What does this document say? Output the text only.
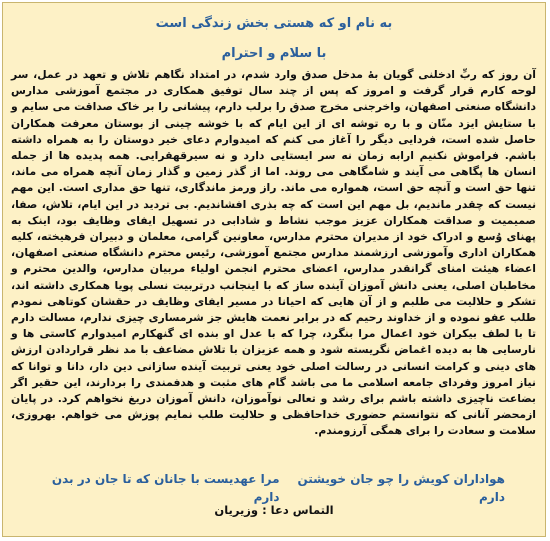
به نام او که هستی بخش زندگی است
با سلام و احترام
آن روز که ربِّ ادخلنی گویان بهٔ مدخل صدق وارد شدم، در امتداد نگاهم تلاش و تعهد در عمل، سر لوحه کارم قرار گرفت و امروز که پس از چند سال توفیق همکاری در مجتمع آموزشی مدارس دانشگاه صنعتی اصفهان، واخرجنی مخرج صدق را برلب دارم، پیشانی را بر خاک صداقت می سایم و با ستایش ایزد منّان و با ره توشه ای از این ایام که با خوشه چینی از بوستان معرفت همکاران حاصل شده است، فردایی دیگر را آغاز می کنم که امیدوارم دعای خیر دوستان را به همراه داشته باشم. فراموش نکنیم ارابه زمان نه سر ایستایی دارد و نه سیرقهقرایی. همه پدیده ها از جمله انسان ها پگاهی می آیند و شامگاهی می روند. اما از گذر زمین و گذار زمان آنچه همراه می ماند، تنها حق است و آنچه حق است، همواره می ماند. راز ورمز ماندگاری، تنها حق مداری است. این مهم نیست که چقدر ماندیم، بل مهم این است که چه بذری افشاندیم. بی تردید در این ایام، تلاش، صفا، صمیمیت و صداقت همکاران عزیز موجب نشاط و شادابی در تسهیل ایفای وظایف بود، اینک به پهنای وُسع و ادراک خود از مدیران محترم مدارس، معاونین گرامی، معلمان و دبیران فرهیخته، کلیه همکاران اداری وآموزشی ارزشمند مدارس مجتمع آموزشی، رئیس محترم دانشگاه صنعتی اصفهان، اعضاء هیئت امنای گرانقدر مدارس، اعضای محترم انجمن اولیاء مربیان مدارس، والدین محترم و مخاطبان اصلی، یعنی دانش آموزان آینده ساز که با اینجانب درتربیت نسلی پویا همکاری داشته اند، تشکر و حلالیت می طلبم و از آن هایی که احیانا در مسیر ایفای وظایف در حقشان کوتاهی نمودم طلب عفو نموده و از خداوند رحیم که در برابر نعمت هایش جز شرمساری چیزی ندارم، مسالت دارم تا با لطف بیکران خود اعمال مرا بنگرد، چرا که با عدل او بنده ای گنهکارم امیدوارم کاستی ها و نارسایی ها به دیده اغماض نگریسته شود و همه عزیزان با تلاش مضاعف با مد نظر قراردادن ارزش های دینی و کرامت انسانی در رسالت اصلی خود یعنی تربیت آینده سازانی دین دار، دانا و توانا که نیاز امروز وفردای جامعه اسلامی ما می باشد گام های مثبت و هدفمندی را بردارند، این حقیر اگر بضاعت ناچیزی داشته باشم برای رشد و تعالی نوآموزان، دانش آموزان دریغ نخواهم کرد. در پایان ازمحضر آنانی که نتوانستم حضوری خداحافظی و حلالیت طلب نمایم پوزش می خواهم. بهروزی، سلامت و سعادت را برای همگی آرزومندم.
هواداران کویش را چو جان خویشتن دارم
مرا عهدیست با جانان که تا جان در بدن دارم
التماس دعا : وزیریان
